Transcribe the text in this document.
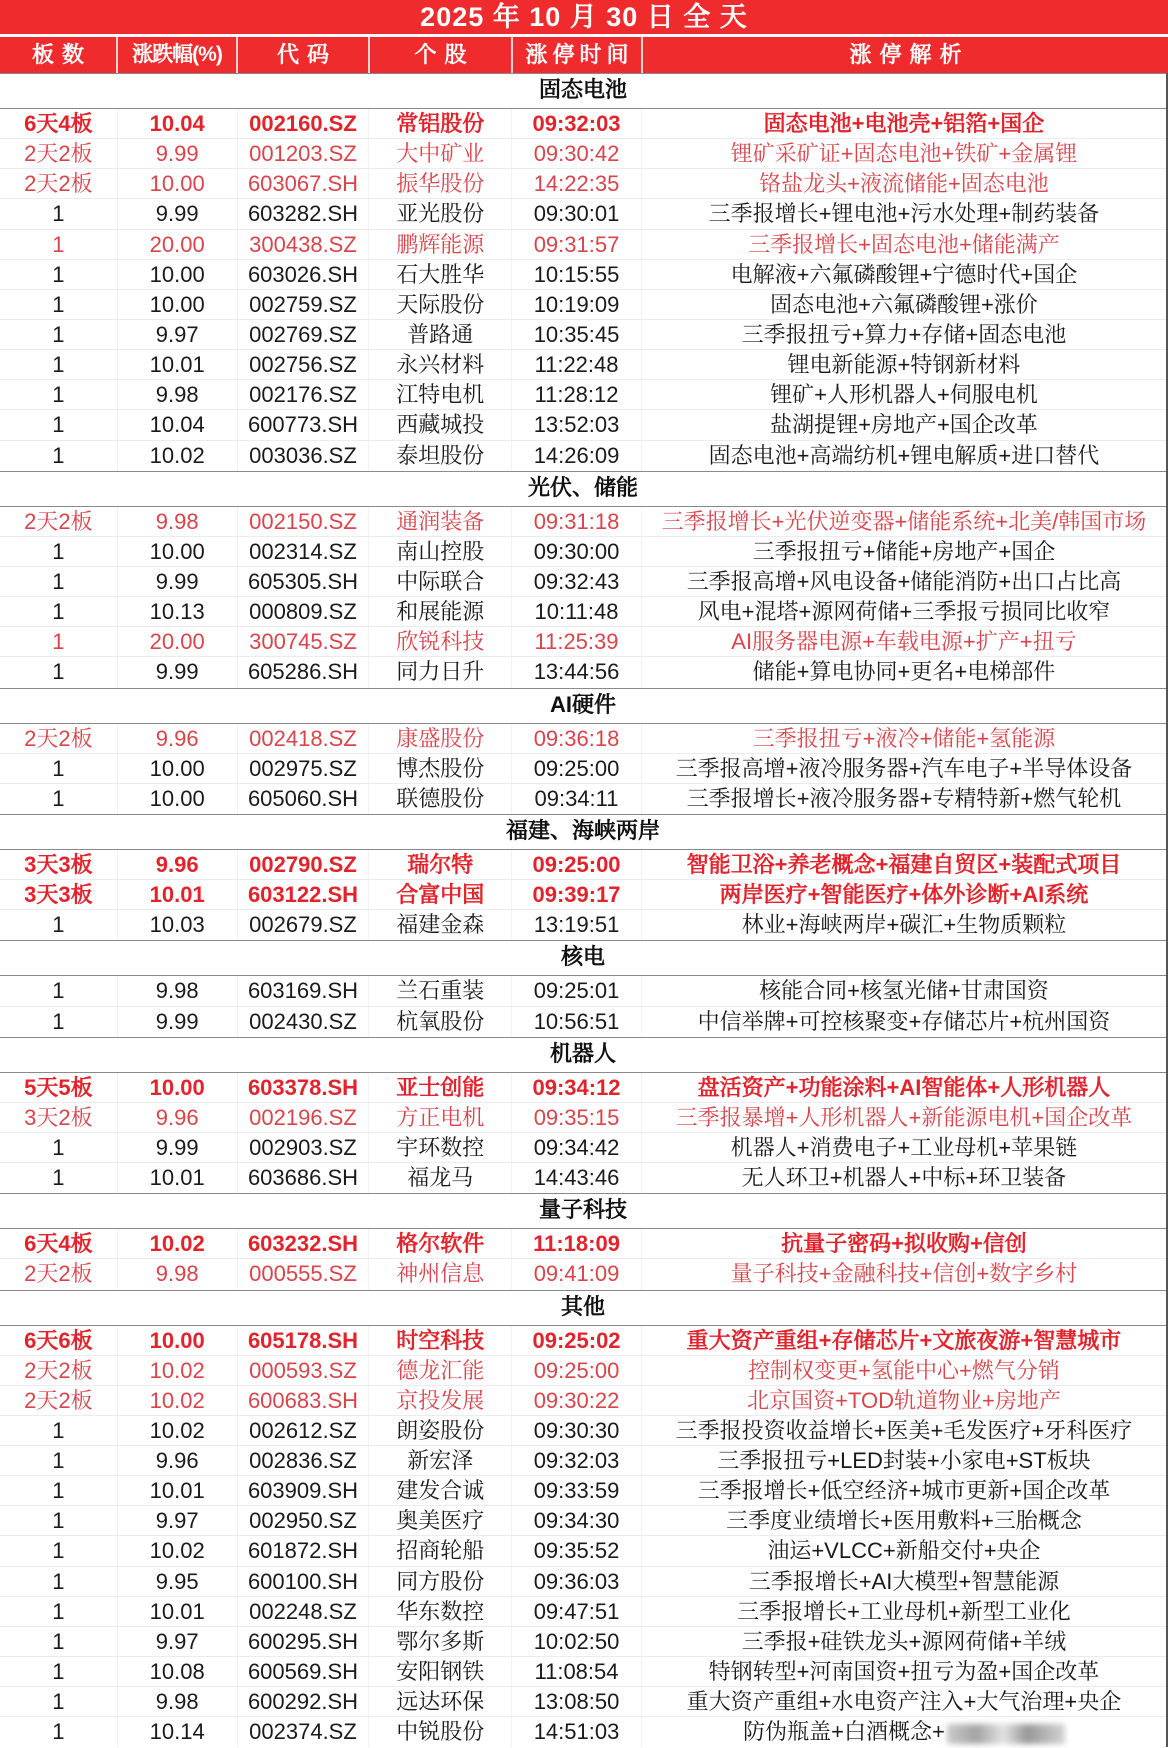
2025 年 10 月 30 日 全 天
板数	涨跌幅(%)	代码	个股	涨停时间	涨停解析
固态电池
6天4板	10.04	002160.SZ	常铝股份	09:32:03	固态电池+电池壳+铝箔+国企
2天2板	9.99	001203.SZ	大中矿业	09:30:42	锂矿采矿证+固态电池+铁矿+金属锂
2天2板	10.00	603067.SH	振华股份	14:22:35	铬盐龙头+液流储能+固态电池
1	9.99	603282.SH	亚光股份	09:30:01	三季报增长+锂电池+污水处理+制药装备
1	20.00	300438.SZ	鹏辉能源	09:31:57	三季报增长+固态电池+储能满产
1	10.00	603026.SH	石大胜华	10:15:55	电解液+六氟磷酸锂+宁德时代+国企
1	10.00	002759.SZ	天际股份	10:19:09	固态电池+六氟磷酸锂+涨价
1	9.97	002769.SZ	普路通	10:35:45	三季报扭亏+算力+存储+固态电池
1	10.01	002756.SZ	永兴材料	11:22:48	锂电新能源+特钢新材料
1	9.98	002176.SZ	江特电机	11:28:12	锂矿+人形机器人+伺服电机
1	10.04	600773.SH	西藏城投	13:52:03	盐湖提锂+房地产+国企改革
1	10.02	003036.SZ	泰坦股份	14:26:09	固态电池+高端纺机+锂电解质+进口替代
光伏、储能
2天2板	9.98	002150.SZ	通润装备	09:31:18	三季报增长+光伏逆变器+储能系统+北美/韩国市场
1	10.00	002314.SZ	南山控股	09:30:00	三季报扭亏+储能+房地产+国企
1	9.99	605305.SH	中际联合	09:32:43	三季报高增+风电设备+储能消防+出口占比高
1	10.13	000809.SZ	和展能源	10:11:48	风电+混塔+源网荷储+三季报亏损同比收窄
1	20.00	300745.SZ	欣锐科技	11:25:39	AI服务器电源+车载电源+扩产+扭亏
1	9.99	605286.SH	同力日升	13:44:56	储能+算电协同+更名+电梯部件
AI硬件
2天2板	9.96	002418.SZ	康盛股份	09:36:18	三季报扭亏+液冷+储能+氢能源
1	10.00	002975.SZ	博杰股份	09:25:00	三季报高增+液冷服务器+汽车电子+半导体设备
1	10.00	605060.SH	联德股份	09:34:11	三季报增长+液冷服务器+专精特新+燃气轮机
福建、海峡两岸
3天3板	9.96	002790.SZ	瑞尔特	09:25:00	智能卫浴+养老概念+福建自贸区+装配式项目
3天3板	10.01	603122.SH	合富中国	09:39:17	两岸医疗+智能医疗+体外诊断+AI系统
1	10.03	002679.SZ	福建金森	13:19:51	林业+海峡两岸+碳汇+生物质颗粒
核电
1	9.98	603169.SH	兰石重装	09:25:01	核能合同+核氢光储+甘肃国资
1	9.99	002430.SZ	杭氧股份	10:56:51	中信举牌+可控核聚变+存储芯片+杭州国资
机器人
5天5板	10.00	603378.SH	亚士创能	09:34:12	盘活资产+功能涂料+AI智能体+人形机器人
3天2板	9.96	002196.SZ	方正电机	09:35:15	三季报暴增+人形机器人+新能源电机+国企改革
1	9.99	002903.SZ	宇环数控	09:34:42	机器人+消费电子+工业母机+苹果链
1	10.01	603686.SH	福龙马	14:43:46	无人环卫+机器人+中标+环卫装备
量子科技
6天4板	10.02	603232.SH	格尔软件	11:18:09	抗量子密码+拟收购+信创
2天2板	9.98	000555.SZ	神州信息	09:41:09	量子科技+金融科技+信创+数字乡村
其他
6天6板	10.00	605178.SH	时空科技	09:25:02	重大资产重组+存储芯片+文旅夜游+智慧城市
2天2板	10.02	000593.SZ	德龙汇能	09:25:00	控制权变更+氢能中心+燃气分销
2天2板	10.02	600683.SH	京投发展	09:30:22	北京国资+TOD轨道物业+房地产
1	10.02	002612.SZ	朗姿股份	09:30:30	三季报投资收益增长+医美+毛发医疗+牙科医疗
1	9.96	002836.SZ	新宏泽	09:32:03	三季报扭亏+LED封装+小家电+ST板块
1	10.01	603909.SH	建发合诚	09:33:59	三季报增长+低空经济+城市更新+国企改革
1	9.97	002950.SZ	奥美医疗	09:34:30	三季度业绩增长+医用敷料+三胎概念
1	10.02	601872.SH	招商轮船	09:35:52	油运+VLCC+新船交付+央企
1	9.95	600100.SH	同方股份	09:36:03	三季报增长+AI大模型+智慧能源
1	10.01	002248.SZ	华东数控	09:47:51	三季报增长+工业母机+新型工业化
1	9.97	600295.SH	鄂尔多斯	10:02:50	三季报+硅铁龙头+源网荷储+羊绒
1	10.08	600569.SH	安阳钢铁	11:08:54	特钢转型+河南国资+扭亏为盈+国企改革
1	9.98	600292.SH	远达环保	13:08:50	重大资产重组+水电资产注入+大气治理+央企
1	10.14	002374.SZ	中锐股份	14:51:03	防伪瓶盖+白酒概念+
